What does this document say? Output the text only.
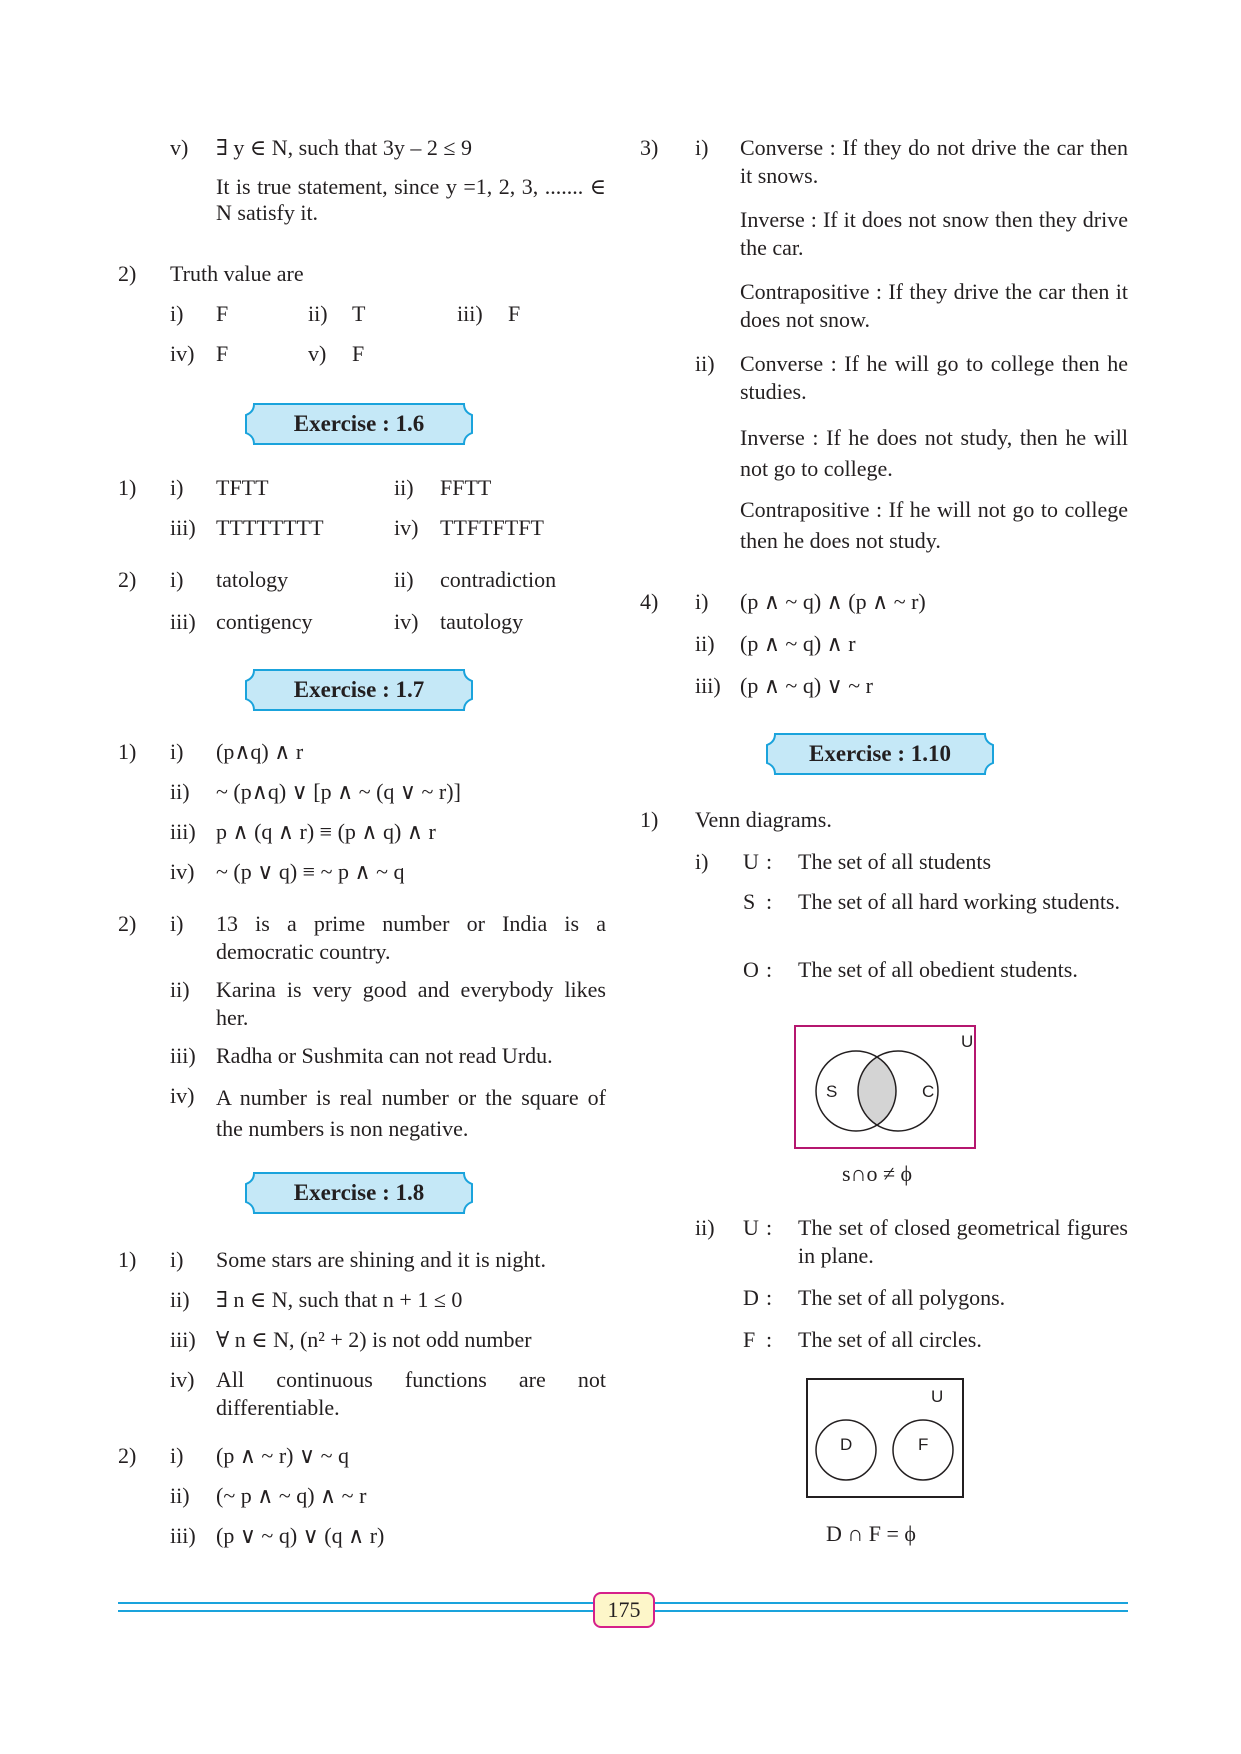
v) ∃ y ∈ N, such that 3y – 2 ≤ 9
It is true statement, since y =1, 2, 3, ....... ∈ N satisfy it.
2) Truth value are
i) F	ii) T	iii) F
iv) F	v) F
Exercise : 1.6
1) i) TFTT	ii) FFTT
iii) TTTTTTTT	iv) TTFTFTFT
2) i) tatology	ii) contradiction
iii) contigency	iv) tautology
Exercise : 1.7
1) i) (p∧q) ∧ r
ii) ~ (p∧q) ∨ [p ∧ ~ (q ∨ ~ r)]
iii) p ∧ (q ∧ r) ≡ (p ∧ q) ∧ r
iv) ~ (p ∨ q) ≡ ~ p ∧ ~ q
2) i) 13 is a prime number or India is a democratic country.
ii) Karina is very good and everybody likes her.
iii) Radha or Sushmita can not read Urdu.
iv) A number is real number or the square of the numbers is non negative.
Exercise : 1.8
1) i) Some stars are shining and it is night.
ii) ∃ n ∈ N, such that n + 1 ≤ 0
iii) ∀ n ∈ N, (n² + 2) is not odd number
iv) All continuous functions are not differentiable.
2) i) (p ∧ ~ r) ∨ ~ q
ii) (~ p ∧ ~ q) ∧ ~ r
iii) (p ∨ ~ q) ∨ (q ∧ r)
3) i) Converse : If they do not drive the car then it snows.
Inverse : If it does not snow then they drive the car.
Contrapositive : If they drive the car then it does not snow.
ii) Converse : If he will go to college then he studies.
Inverse : If he does not study, then he will not go to college.
Contrapositive : If he will not go to college then he does not study.
4) i) (p ∧ ~ q) ∧ (p ∧ ~ r)
ii) (p ∧ ~ q) ∧ r
iii) (p ∧ ~ q) ∨ ~ r
Exercise : 1.10
1) Venn diagrams.
i) U : The set of all students
S : The set of all hard working students.
O : The set of all obedient students.
U
S	C
s∩o ≠ ϕ
ii) U : The set of closed geometrical figures in plane.
D : The set of all polygons.
F : The set of all circles.
U
D	F
D ∩ F = ϕ
175
